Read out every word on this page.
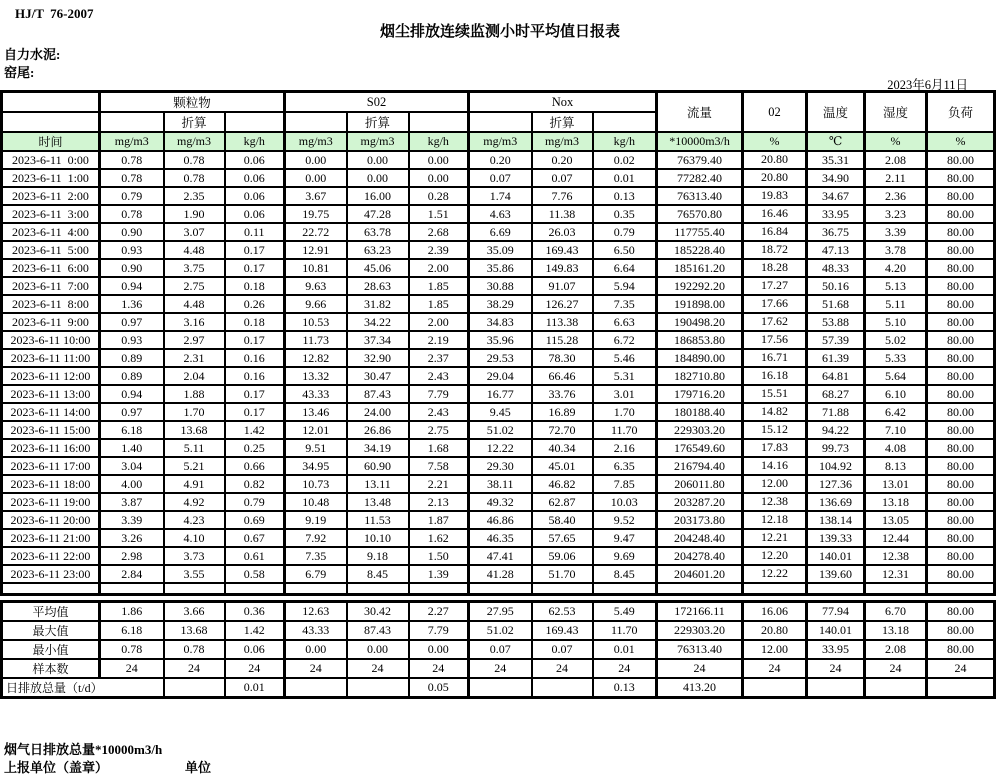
HJ/T  76-2007
烟尘排放连续监测小时平均值日报表
自力水泥:
窑尾:
2023年6月11日
	颗粒物			S02			Nox			流量	02	温度	湿度	负荷
		折算			折算			折算						
时间	mg/m3	mg/m3	kg/h	mg/m3	mg/m3	kg/h	mg/m3	mg/m3	kg/h	*10000m3/h	%	℃	%	%
2023-6-11  0:00	0.78	0.78	0.06	0.00	0.00	0.00	0.20	0.20	0.02	76379.40	20.80	35.31	2.08	80.00
2023-6-11  1:00	0.78	0.78	0.06	0.00	0.00	0.00	0.07	0.07	0.01	77282.40	20.80	34.90	2.11	80.00
2023-6-11  2:00	0.79	2.35	0.06	3.67	16.00	0.28	1.74	7.76	0.13	76313.40	19.83	34.67	2.36	80.00
2023-6-11  3:00	0.78	1.90	0.06	19.75	47.28	1.51	4.63	11.38	0.35	76570.80	16.46	33.95	3.23	80.00
2023-6-11  4:00	0.90	3.07	0.11	22.72	63.78	2.68	6.69	26.03	0.79	117755.40	16.84	36.75	3.39	80.00
2023-6-11  5:00	0.93	4.48	0.17	12.91	63.23	2.39	35.09	169.43	6.50	185228.40	18.72	47.13	3.78	80.00
2023-6-11  6:00	0.90	3.75	0.17	10.81	45.06	2.00	35.86	149.83	6.64	185161.20	18.28	48.33	4.20	80.00
2023-6-11  7:00	0.94	2.75	0.18	9.63	28.63	1.85	30.88	91.07	5.94	192292.20	17.27	50.16	5.13	80.00
2023-6-11  8:00	1.36	4.48	0.26	9.66	31.82	1.85	38.29	126.27	7.35	191898.00	17.66	51.68	5.11	80.00
2023-6-11  9:00	0.97	3.16	0.18	10.53	34.22	2.00	34.83	113.38	6.63	190498.20	17.62	53.88	5.10	80.00
2023-6-11 10:00	0.93	2.97	0.17	11.73	37.34	2.19	35.96	115.28	6.72	186853.80	17.56	57.39	5.02	80.00
2023-6-11 11:00	0.89	2.31	0.16	12.82	32.90	2.37	29.53	78.30	5.46	184890.00	16.71	61.39	5.33	80.00
2023-6-11 12:00	0.89	2.04	0.16	13.32	30.47	2.43	29.04	66.46	5.31	182710.80	16.18	64.81	5.64	80.00
2023-6-11 13:00	0.94	1.88	0.17	43.33	87.43	7.79	16.77	33.76	3.01	179716.20	15.51	68.27	6.10	80.00
2023-6-11 14:00	0.97	1.70	0.17	13.46	24.00	2.43	9.45	16.89	1.70	180188.40	14.82	71.88	6.42	80.00
2023-6-11 15:00	6.18	13.68	1.42	12.01	26.86	2.75	51.02	72.70	11.70	229303.20	15.12	94.22	7.10	80.00
2023-6-11 16:00	1.40	5.11	0.25	9.51	34.19	1.68	12.22	40.34	2.16	176549.60	17.83	99.73	4.08	80.00
2023-6-11 17:00	3.04	5.21	0.66	34.95	60.90	7.58	29.30	45.01	6.35	216794.40	14.16	104.92	8.13	80.00
2023-6-11 18:00	4.00	4.91	0.82	10.73	13.11	2.21	38.11	46.82	7.85	206011.80	12.00	127.36	13.01	80.00
2023-6-11 19:00	3.87	4.92	0.79	10.48	13.48	2.13	49.32	62.87	10.03	203287.20	12.38	136.69	13.18	80.00
2023-6-11 20:00	3.39	4.23	0.69	9.19	11.53	1.87	46.86	58.40	9.52	203173.80	12.18	138.14	13.05	80.00
2023-6-11 21:00	3.26	4.10	0.67	7.92	10.10	1.62	46.35	57.65	9.47	204248.40	12.21	139.33	12.44	80.00
2023-6-11 22:00	2.98	3.73	0.61	7.35	9.18	1.50	47.41	59.06	9.69	204278.40	12.20	140.01	12.38	80.00
2023-6-11 23:00	2.84	3.55	0.58	6.79	8.45	1.39	41.28	51.70	8.45	204601.20	12.22	139.60	12.31	80.00

平均值	1.86	3.66	0.36	12.63	30.42	2.27	27.95	62.53	5.49	172166.11	16.06	77.94	6.70	80.00
最大值	6.18	13.68	1.42	43.33	87.43	7.79	51.02	169.43	11.70	229303.20	20.80	140.01	13.18	80.00
最小值	0.78	0.78	0.06	0.00	0.00	0.00	0.07	0.07	0.01	76313.40	12.00	33.95	2.08	80.00
样本数	24	24	24	24	24	24	24	24	24	24	24	24	24	24
日排放总量（t/d）			0.01			0.05			0.13	413.20				
烟气日排放总量*10000m3/h
上报单位（盖章）	单位
